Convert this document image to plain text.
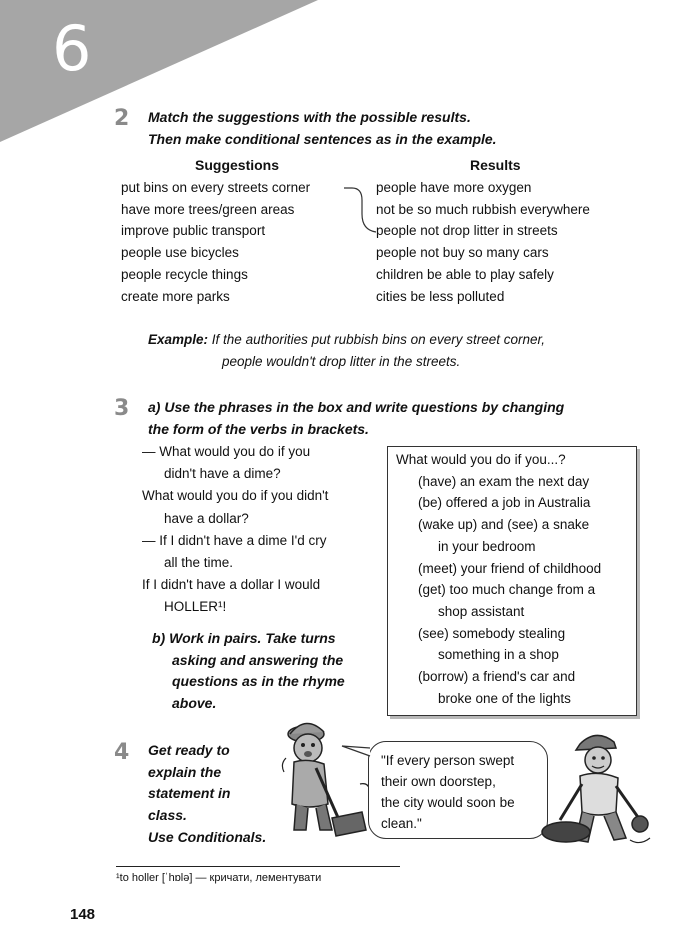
6
2 Match the suggestions with the possible results.
Then make conditional sentences as in the example.
Suggestions	Results
put bins on every streets corner
have more trees/green areas
improve public transport
people use bicycles
people recycle things
create more parks
people have more oxygen
not be so much rubbish everywhere
people not drop litter in streets
people not buy so many cars
children be able to play safely
cities be less polluted
Example: If the authorities put rubbish bins on every street corner,
people wouldn't drop litter in the streets.
3 a) Use the phrases in the box and write questions by changing
the form of the verbs in brackets.
— What would you do if you
didn't have a dime?
What would you do if you didn't
have a dollar?
— If I didn't have a dime I'd cry
all the time.
If I didn't have a dollar I would
HOLLER¹!
What would you do if you...?
(have) an exam the next day
(be) offered a job in Australia
(wake up) and (see) a snake
in your bedroom
(meet) your friend of childhood
(get) too much change from a
shop assistant
(see) somebody stealing
something in a shop
(borrow) a friend's car and
broke one of the lights
b) Work in pairs. Take turns
asking and answering the
questions as in the rhyme
above.
4 Get ready to
explain the
statement in
class.
Use Conditionals.
"If every person swept
their own doorstep,
the city would soon be
clean."
¹to holler [ˈhɒlə] — кричати, лементувати
148
